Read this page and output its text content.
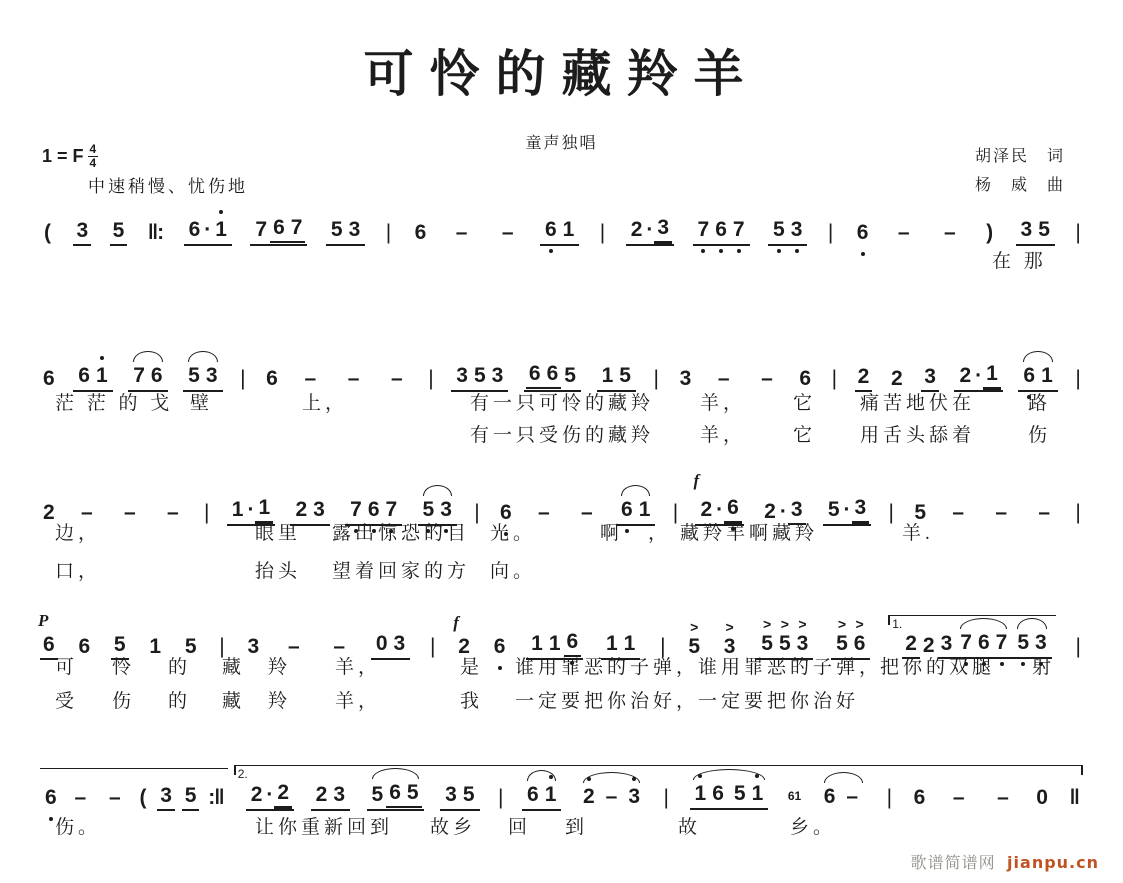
可怜的藏羚羊
童声独唱
1 = F $\frac{4}{4}$
中速稍慢、忧伤地
胡泽民　词
杨　威　曲
( 3 5 ‖: 6 · 1 7 6 7 5 3 | 6	–	–	6 1 | 2 · 3 7 6 7 5 3 | 6	–	–	) 3 5 |
在 那
6 6 1 7 6 5 3 | 6	–	–	–	| 3 5 3 6 6 5 1 5 | 3	–	–	6 | 2 2 3 2 · 1 6 1 |
茫 茫 的 戈 壁	上，	有一只可怜的藏羚 羊， 它 痛苦地伏在	路
有一只受伤的藏羚 羊， 它 用舌头舔着	伤
2	–	–	–	| 1 · 1 2 3 7 6 7 5 3 | 6	–	–	6 1 |
f
2 · 6 2 · 3 5 · 3 | 5	–	–	–	|
边，	眼里 露出惊恐的目 光。	啊 ， 藏羚羊啊藏羚	羊.
口，	抬头 望着回家的方 向。
6
P
6 5 1 5 | 3	–	–	0 3 | 2
f
6 1 1 6 1 1 | 5
>
3
>
5
>
5
>
3
>
5
>
6
> 1.
2 2 3 7 6 7 5 3 |
可 怜 的 藏 羚 羊，	是 谁用罪恶的子弹，
谁用罪恶的子弹，
把你的双腿 射
受 伤 的 藏 羚 羊，	我 一定要把你治好，
一定要把你治好
6 –	– ( 3 5 :‖
2.
2 · 2 2 3 5 6 5 3 5 | 6 1 2 – 3 | 1 6 5 1 61 6 –	| 6	–	–	0 ‖
伤。	让你重新回到 故乡 回 到	故	乡。
歌谱简谱网 jianpu.cn
